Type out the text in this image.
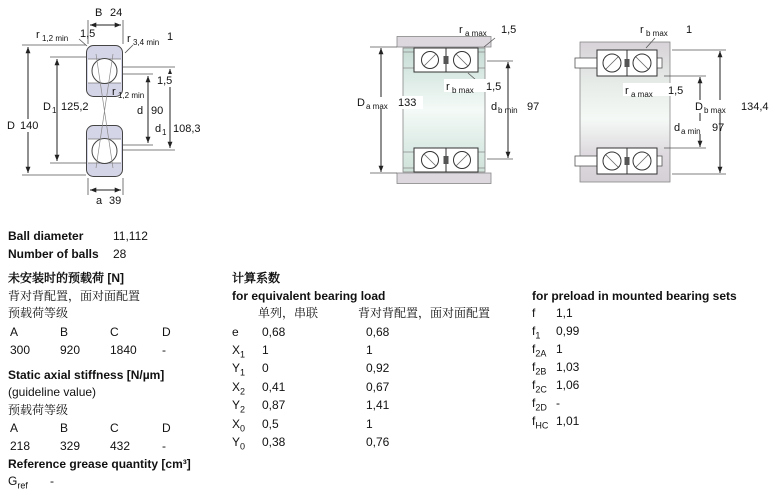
B 24
r 1,2 min 1,5	r 3,4 min 1
D 1 125,2
D 140
r 1,2 min
1,5
d 90
d 1 108,3
a 39
r a max 1,5
r b max 1,5
D a max 133	d b min 97
r b max 1
r a max 1,5
D b max 134,4
d a min 97
Ball diameter 11,112
Number of balls 28
未安装时的预载荷 [N]
背对背配置，面对面配置
预载荷等级
A	B	C	D
300 920 1840 -
Static axial stiffness [N/µm]
(guideline value)
预载荷等级
A	B	C	D
218 329 432	-
Reference grease quantity [cm³]
$G_{ref}$ -
计算系数
for equivalent bearing load
单列，串联	背对背配置，面对面配置
e 0,68	0,68
$X_1$ 1	1
$Y_1$ 0	0,92
$X_2$ 0,41	0,67
$Y_2$ 0,87	1,41
$X_0$ 0,5	1
$Y_0$ 0,38	0,76
for preload in mounted bearing sets
f 1,1
$f_1$ 0,99
$f_{2A}$ 1
$f_{2B}$ 1,03
$f_{2C}$ 1,06
$f_{2D}$ -
$f_{HC}$ 1,01
